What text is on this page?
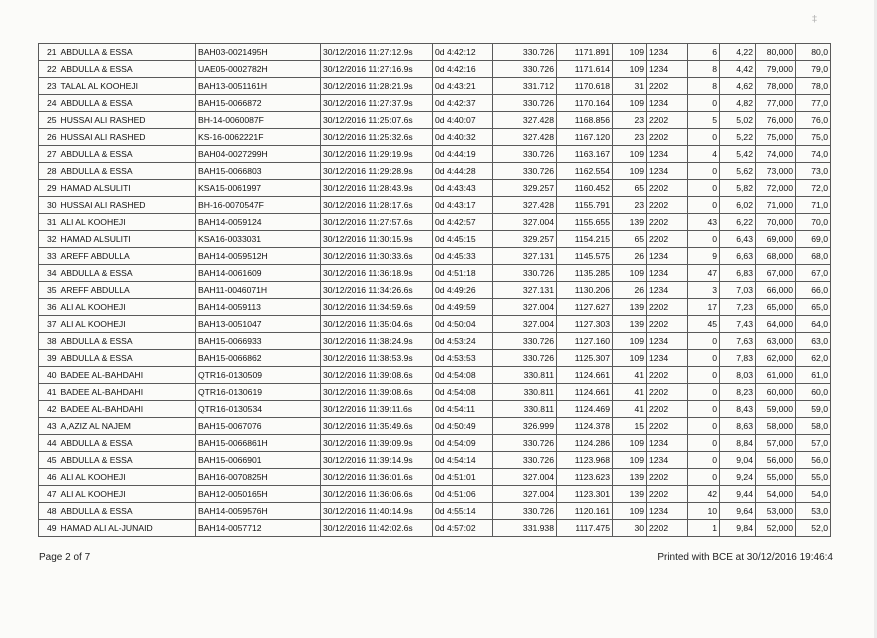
‡
21	ABDULLA & ESSA	BAH03-0021495H	30/12/2016 11:27:12.9s	0d 4:42:12	330.726	1171.891	109	1234	6	4,22	80,000	80,0
22	ABDULLA & ESSA	UAE05-0002782H	30/12/2016 11:27:16.9s	0d 4:42:16	330.726	1171.614	109	1234	8	4,42	79,000	79,0
23	TALAL AL KOOHEJI	BAH13-0051161H	30/12/2016 11:28:21.9s	0d 4:43:21	331.712	1170.618	31	2202	8	4,62	78,000	78,0
24	ABDULLA & ESSA	BAH15-0066872	30/12/2016 11:27:37.9s	0d 4:42:37	330.726	1170.164	109	1234	0	4,82	77,000	77,0
25	HUSSAI ALI RASHED	BH-14-0060087F	30/12/2016 11:25:07.6s	0d 4:40:07	327.428	1168.856	23	2202	5	5,02	76,000	76,0
26	HUSSAI ALI RASHED	KS-16-0062221F	30/12/2016 11:25:32.6s	0d 4:40:32	327.428	1167.120	23	2202	0	5,22	75,000	75,0
27	ABDULLA & ESSA	BAH04-0027299H	30/12/2016 11:29:19.9s	0d 4:44:19	330.726	1163.167	109	1234	4	5,42	74,000	74,0
28	ABDULLA & ESSA	BAH15-0066803	30/12/2016 11:29:28.9s	0d 4:44:28	330.726	1162.554	109	1234	0	5,62	73,000	73,0
29	HAMAD ALSULITI	KSA15-0061997	30/12/2016 11:28:43.9s	0d 4:43:43	329.257	1160.452	65	2202	0	5,82	72,000	72,0
30	HUSSAI ALI RASHED	BH-16-0070547F	30/12/2016 11:28:17.6s	0d 4:43:17	327.428	1155.791	23	2202	0	6,02	71,000	71,0
31	ALI AL KOOHEJI	BAH14-0059124	30/12/2016 11:27:57.6s	0d 4:42:57	327.004	1155.655	139	2202	43	6,22	70,000	70,0
32	HAMAD ALSULITI	KSA16-0033031	30/12/2016 11:30:15.9s	0d 4:45:15	329.257	1154.215	65	2202	0	6,43	69,000	69,0
33	AREFF ABDULLA	BAH14-0059512H	30/12/2016 11:30:33.6s	0d 4:45:33	327.131	1145.575	26	1234	9	6,63	68,000	68,0
34	ABDULLA & ESSA	BAH14-0061609	30/12/2016 11:36:18.9s	0d 4:51:18	330.726	1135.285	109	1234	47	6,83	67,000	67,0
35	AREFF ABDULLA	BAH11-0046071H	30/12/2016 11:34:26.6s	0d 4:49:26	327.131	1130.206	26	1234	3	7,03	66,000	66,0
36	ALI AL KOOHEJI	BAH14-0059113	30/12/2016 11:34:59.6s	0d 4:49:59	327.004	1127.627	139	2202	17	7,23	65,000	65,0
37	ALI AL KOOHEJI	BAH13-0051047	30/12/2016 11:35:04.6s	0d 4:50:04	327.004	1127.303	139	2202	45	7,43	64,000	64,0
38	ABDULLA & ESSA	BAH15-0066933	30/12/2016 11:38:24.9s	0d 4:53:24	330.726	1127.160	109	1234	0	7,63	63,000	63,0
39	ABDULLA & ESSA	BAH15-0066862	30/12/2016 11:38:53.9s	0d 4:53:53	330.726	1125.307	109	1234	0	7,83	62,000	62,0
40	BADEE AL-BAHDAHI	QTR16-0130509	30/12/2016 11:39:08.6s	0d 4:54:08	330.811	1124.661	41	2202	0	8,03	61,000	61,0
41	BADEE AL-BAHDAHI	QTR16-0130619	30/12/2016 11:39:08.6s	0d 4:54:08	330.811	1124.661	41	2202	0	8,23	60,000	60,0
42	BADEE AL-BAHDAHI	QTR16-0130534	30/12/2016 11:39:11.6s	0d 4:54:11	330.811	1124.469	41	2202	0	8,43	59,000	59,0
43	A,AZIZ AL NAJEM	BAH15-0067076	30/12/2016 11:35:49.6s	0d 4:50:49	326.999	1124.378	15	2202	0	8,63	58,000	58,0
44	ABDULLA & ESSA	BAH15-0066861H	30/12/2016 11:39:09.9s	0d 4:54:09	330.726	1124.286	109	1234	0	8,84	57,000	57,0
45	ABDULLA & ESSA	BAH15-0066901	30/12/2016 11:39:14.9s	0d 4:54:14	330.726	1123.968	109	1234	0	9,04	56,000	56,0
46	ALI AL KOOHEJI	BAH16-0070825H	30/12/2016 11:36:01.6s	0d 4:51:01	327.004	1123.623	139	2202	0	9,24	55,000	55,0
47	ALI AL KOOHEJI	BAH12-0050165H	30/12/2016 11:36:06.6s	0d 4:51:06	327.004	1123.301	139	2202	42	9,44	54,000	54,0
48	ABDULLA & ESSA	BAH14-0059576H	30/12/2016 11:40:14.9s	0d 4:55:14	330.726	1120.161	109	1234	10	9,64	53,000	53,0
49	HAMAD ALI AL-JUNAID	BAH14-0057712	30/12/2016 11:42:02.6s	0d 4:57:02	331.938	1117.475	30	2202	1	9,84	52,000	52,0
Page 2 of 7	Printed with BCE at 30/12/2016 19:46:4
